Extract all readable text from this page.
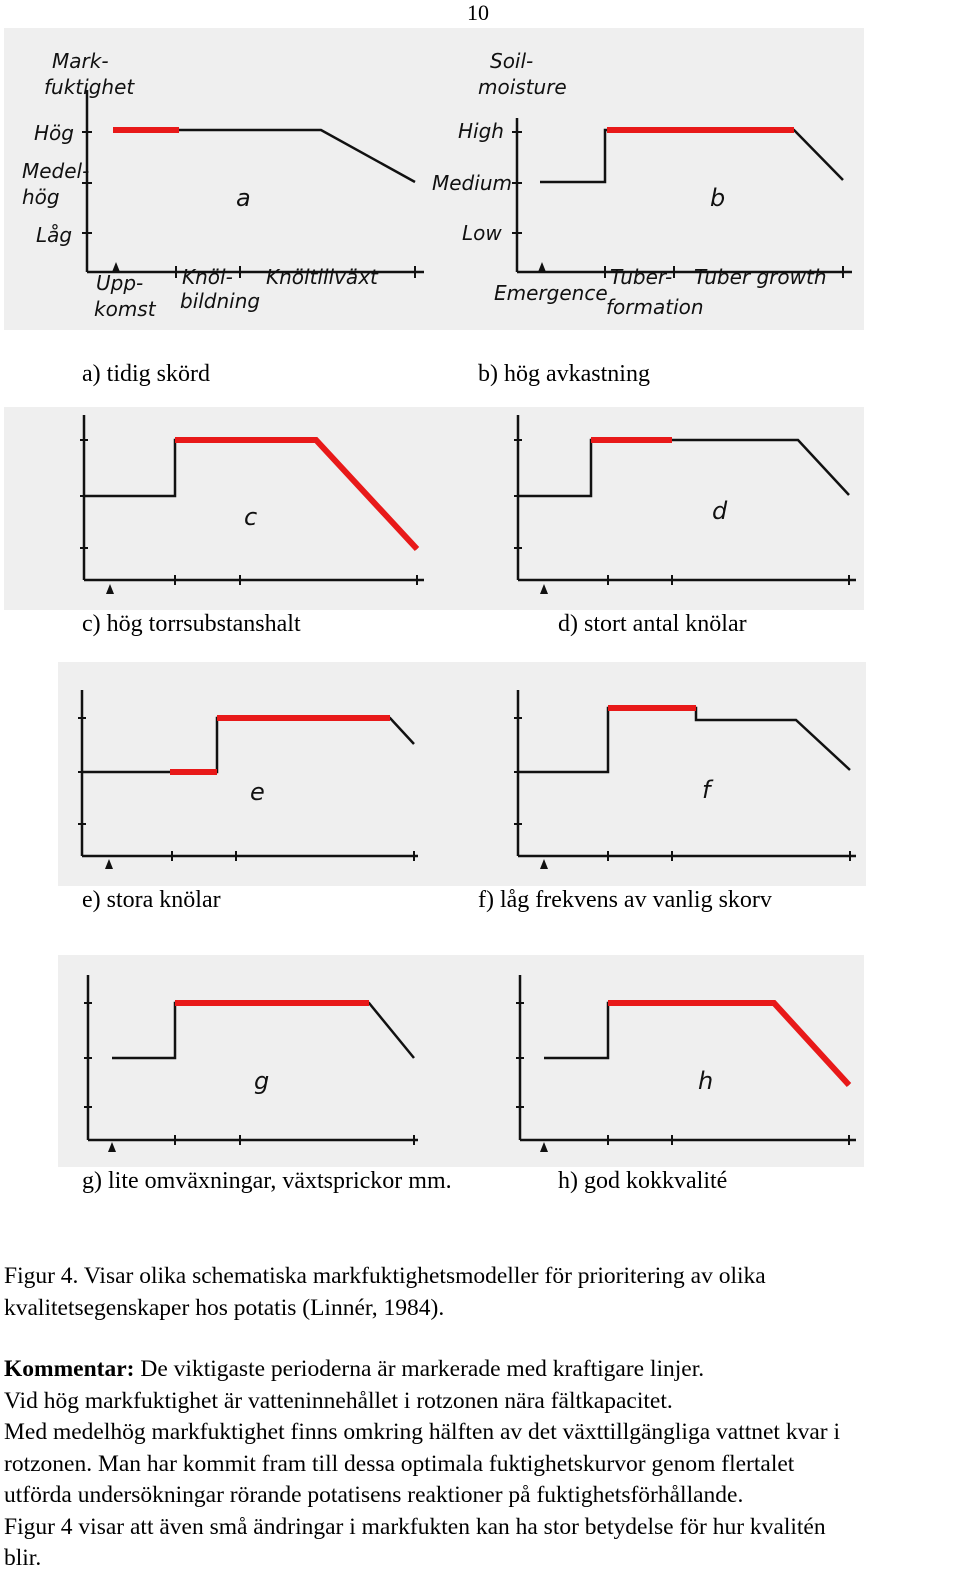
10
Mark-
fuktighet
Hög
Medel-
hög
Låg
a
Upp-
komst
Knöl-
bildning
Knöltillväxt
Soil-
moisture
High
Medium
Low
b
Emergence
Tuber-
formation
Tuber growth
a) tidig skörd	b) hög avkastning
c	d
c) hög torrsubstanshalt	d) stort antal knölar
e	f
e) stora knölar	f) låg frekvens av vanlig skorv
g	h
g) lite omväxningar, växtsprickor mm.	h) god kokkvalité

Figur 4. Visar olika schematiska markfuktighetsmodeller för prioritering av olika

kvalitetsegenskaper hos potatis (Linnér, 1984).

Kommentar: De viktigaste perioderna är markerade med kraftigare linjer.

Vid hög markfuktighet är vatteninnehållet i rotzonen nära fältkapacitet.

Med medelhög markfuktighet finns omkring hälften av det växttillgängliga vattnet kvar i

rotzonen. Man har kommit fram till dessa optimala fuktighetskurvor genom flertalet

utförda undersökningar rörande potatisens reaktioner på fuktighetsförhållande.

Figur 4 visar att även små ändringar i markfukten kan ha stor betydelse för hur kvalitén

blir.
